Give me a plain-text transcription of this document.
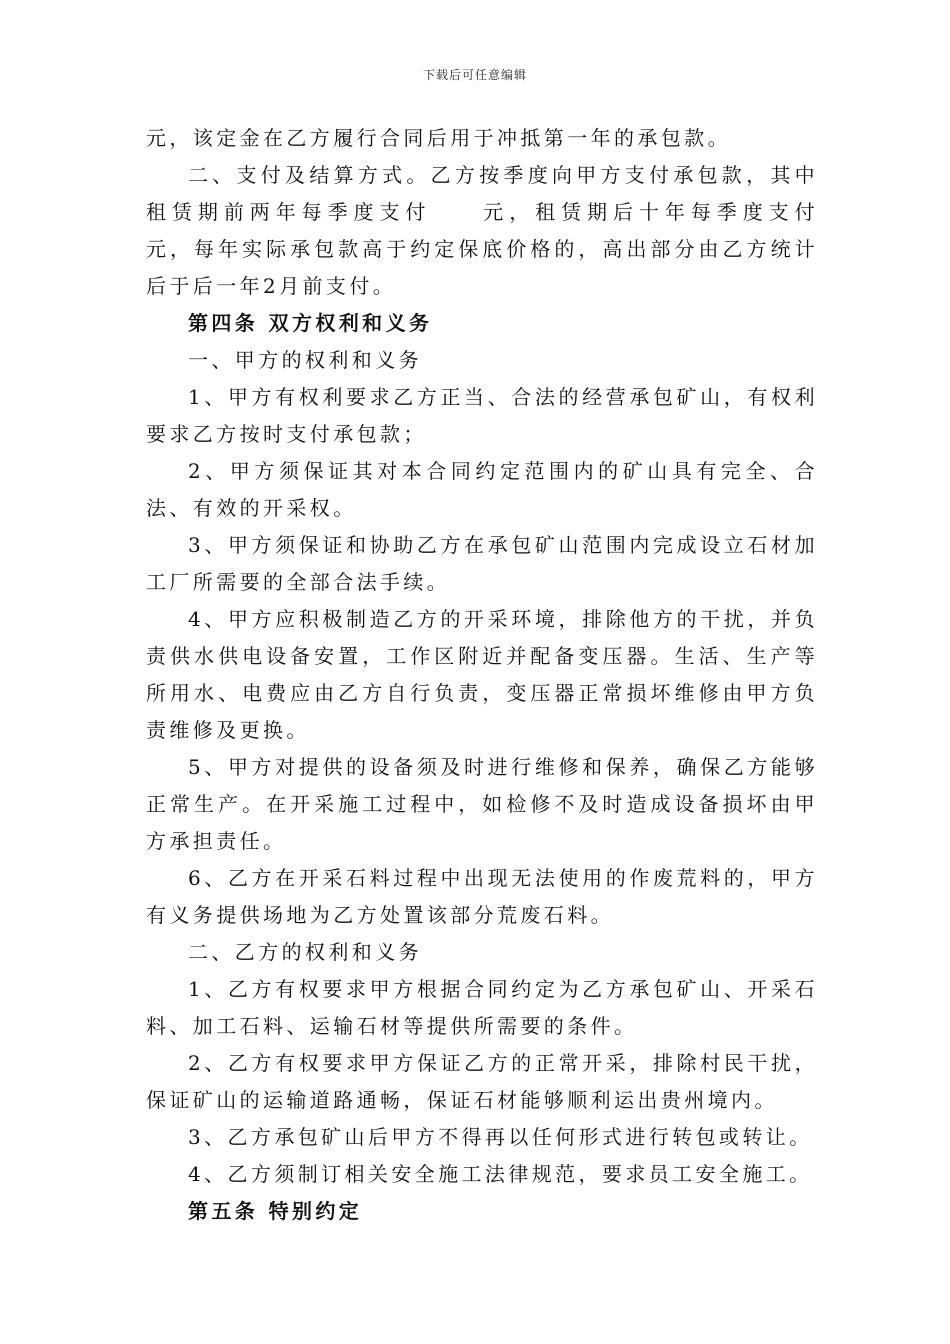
下载后可任意编辑

元，该定金在乙方履行合同后用于冲抵第一年的承包款。

二、支付及结算方式。乙方按季度向甲方支付承包款，其中租赁期前两年每季度支付　　元，租赁期后十年每季度支付　　　元，每年实际承包款高于约定保底价格的，高出部分由乙方统计后于后一年2月前支付。

第四条 双方权利和义务

一、甲方的权利和义务

1、甲方有权利要求乙方正当、合法的经营承包矿山，有权利要求乙方按时支付承包款；

2、甲方须保证其对本合同约定范围内的矿山具有完全、合法、有效的开采权。

3、甲方须保证和协助乙方在承包矿山范围内完成设立石材加工厂所需要的全部合法手续。

4、甲方应积极制造乙方的开采环境，排除他方的干扰，并负责供水供电设备安置，工作区附近并配备变压器。生活、生产等所用水、电费应由乙方自行负责，变压器正常损坏维修由甲方负责维修及更换。

5、甲方对提供的设备须及时进行维修和保养，确保乙方能够正常生产。在开采施工过程中，如检修不及时造成设备损坏由甲方承担责任。

6、乙方在开采石料过程中出现无法使用的作废荒料的，甲方有义务提供场地为乙方处置该部分荒废石料。

二、乙方的权利和义务

1、乙方有权要求甲方根据合同约定为乙方承包矿山、开采石料、加工石料、运输石材等提供所需要的条件。

2、乙方有权要求甲方保证乙方的正常开采，排除村民干扰，保证矿山的运输道路通畅，保证石材能够顺利运出贵州境内。

3、乙方承包矿山后甲方不得再以任何形式进行转包或转让。

4、乙方须制订相关安全施工法律规范，要求员工安全施工。

第五条 特别约定
